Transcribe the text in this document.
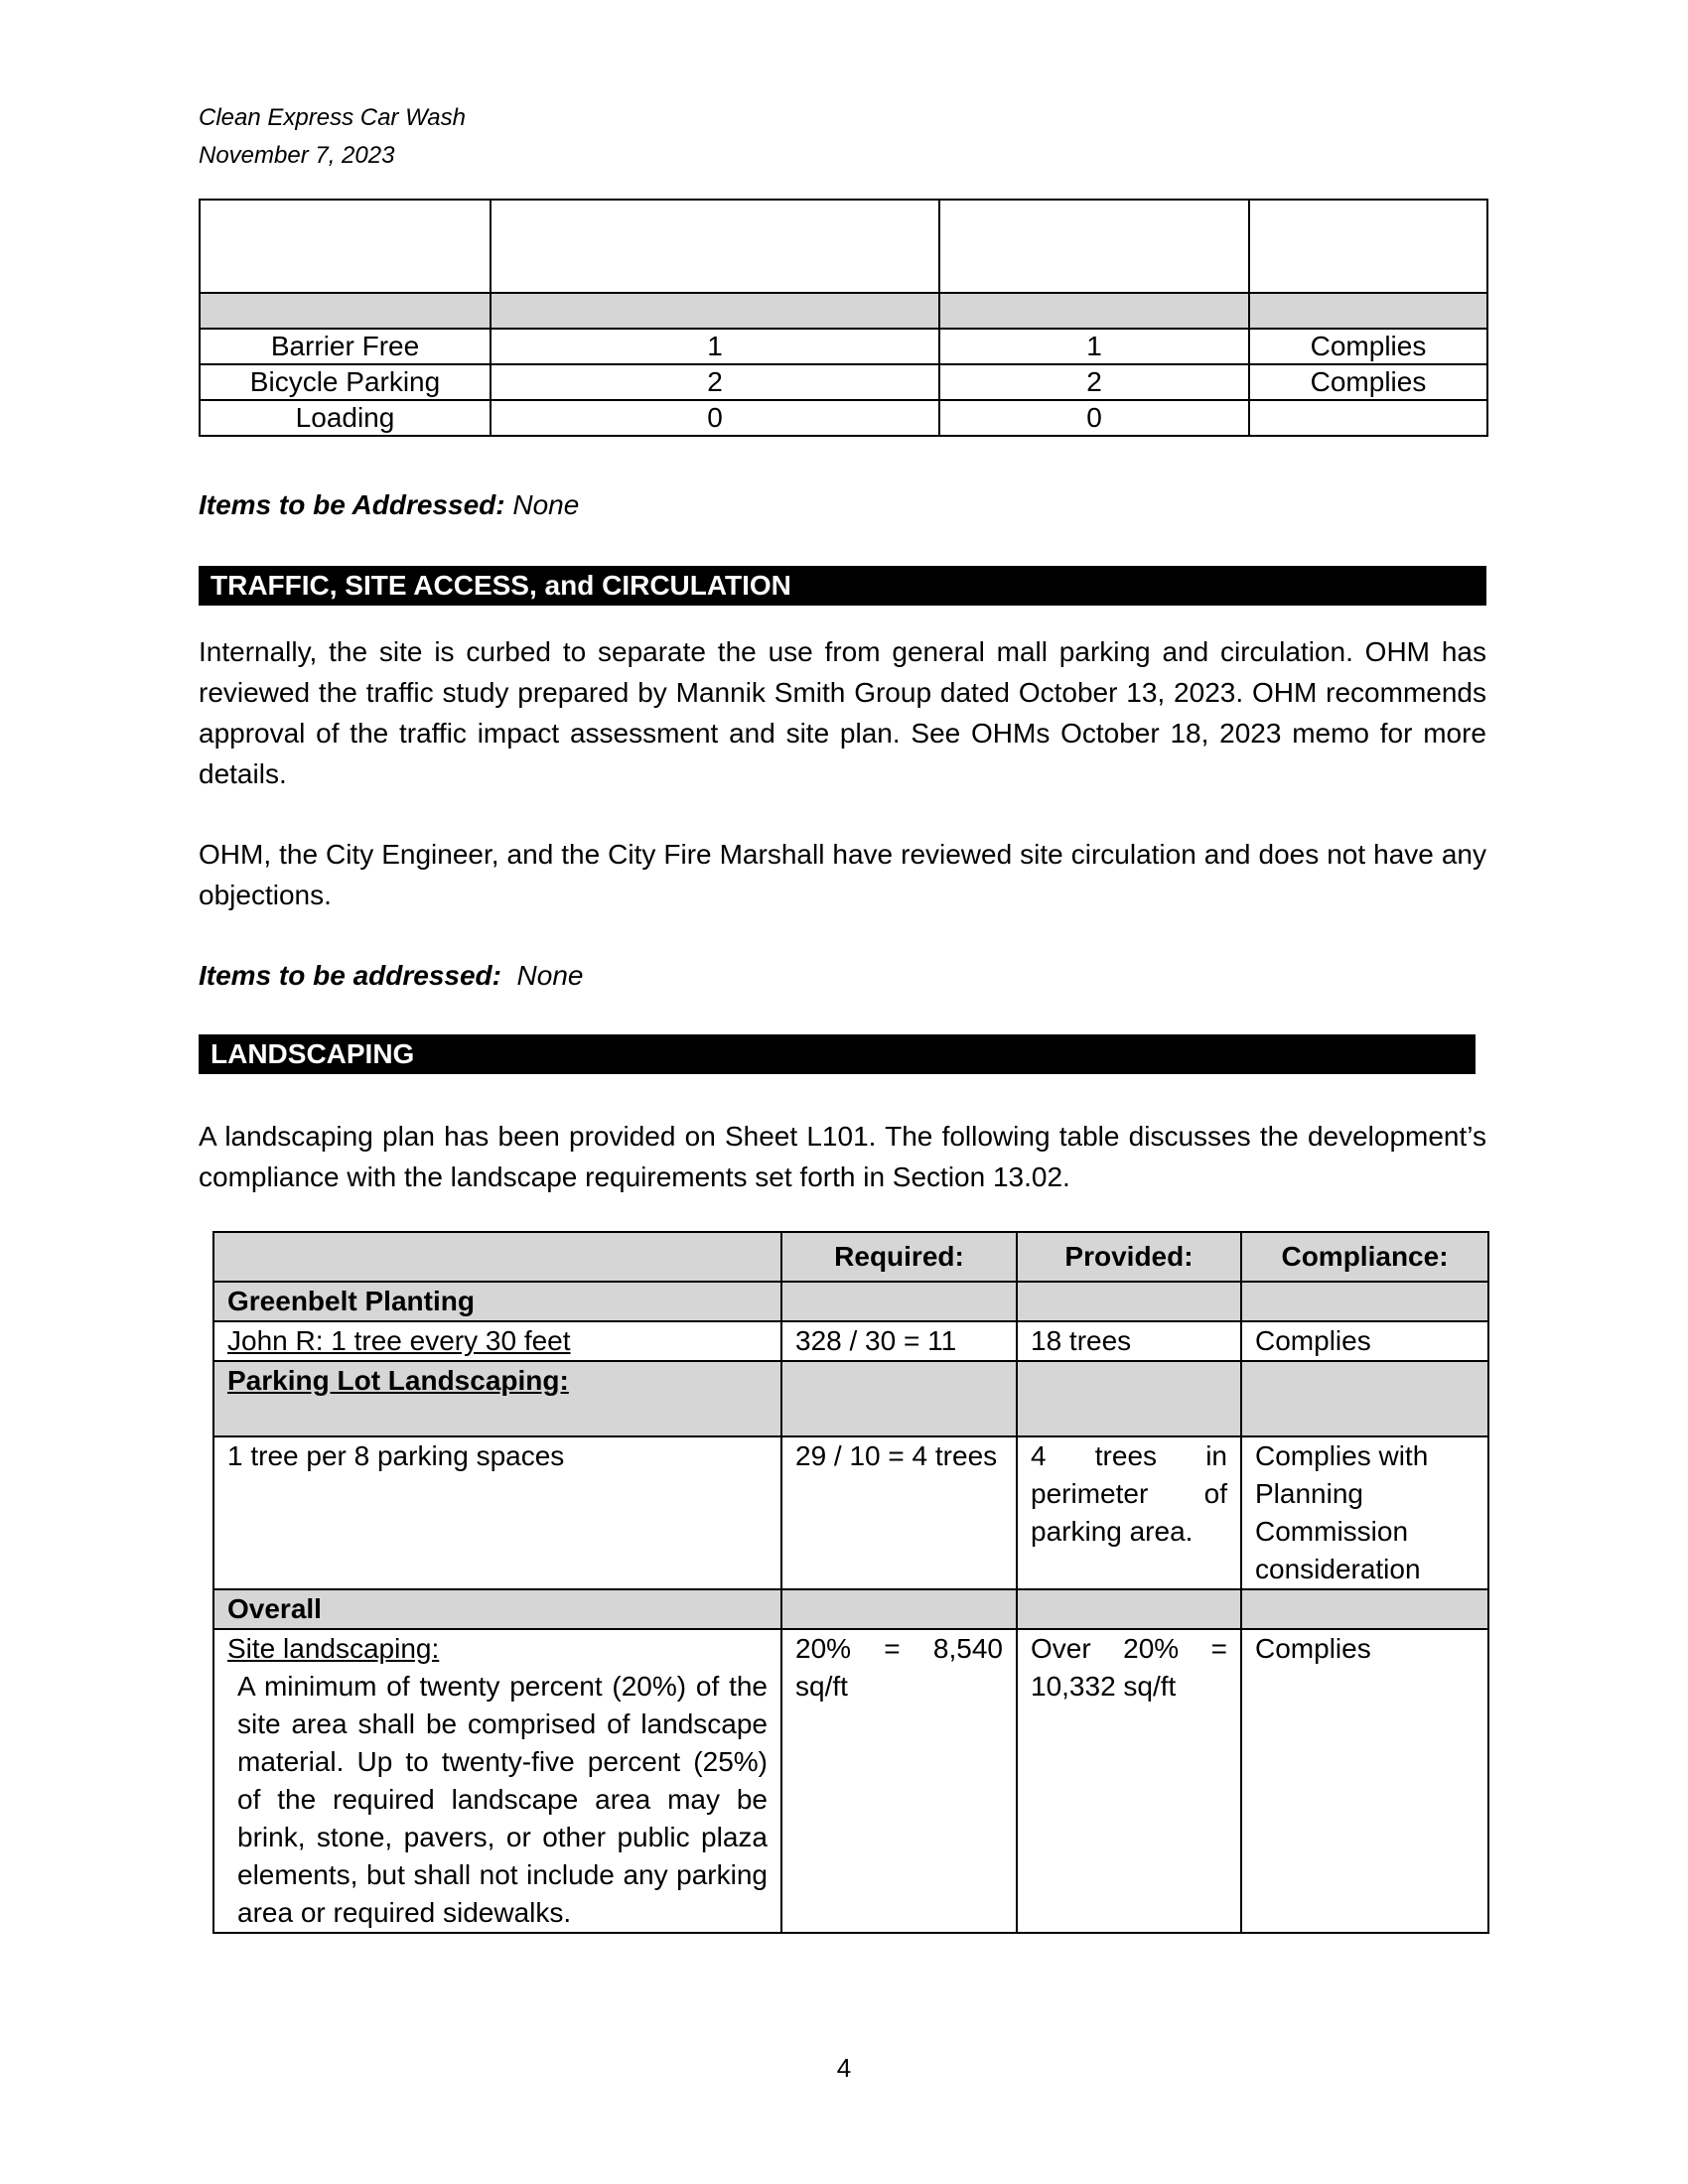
Clean Express Car Wash
November 7, 2023

Barrier Free	1	1	Complies
Bicycle Parking	2	2	Complies
Loading	0	0	
Items to be Addressed: None
TRAFFIC, SITE ACCESS, and CIRCULATION
Internally, the site is curbed to separate the use from general mall parking and circulation. OHM has reviewed the traffic study prepared by Mannik Smith Group dated October 13, 2023. OHM recommends approval of the traffic impact assessment and site plan. See OHMs October 18, 2023 memo for more details.
OHM, the City Engineer, and the City Fire Marshall have reviewed site circulation and does not have any objections.
Items to be addressed:  None
LANDSCAPING
A landscaping plan has been provided on Sheet L101. The following table discusses the development’s compliance with the landscape requirements set forth in Section 13.02.
	Required:	Provided:	Compliance:
Greenbelt Planting			
John R: 1 tree every 30 feet	328 / 30 = 11	18 trees	Complies
Parking Lot Landscaping:			
1 tree per 8 parking spaces	29 / 10 = 4 trees	4 trees in perimeter of parking area.	Complies with Planning Commission consideration
Overall			

Site landscaping:
A minimum of twenty percent (20%) of the site area shall be comprised of landscape material. Up to twenty-five percent (25%) of the required landscape area may be brink, stone, pavers, or other public plaza elements, but shall not include any parking area or required sidewalks.	20% = 8,540 sq/ft	Over 20% = 10,332 sq/ft	Complies
4
